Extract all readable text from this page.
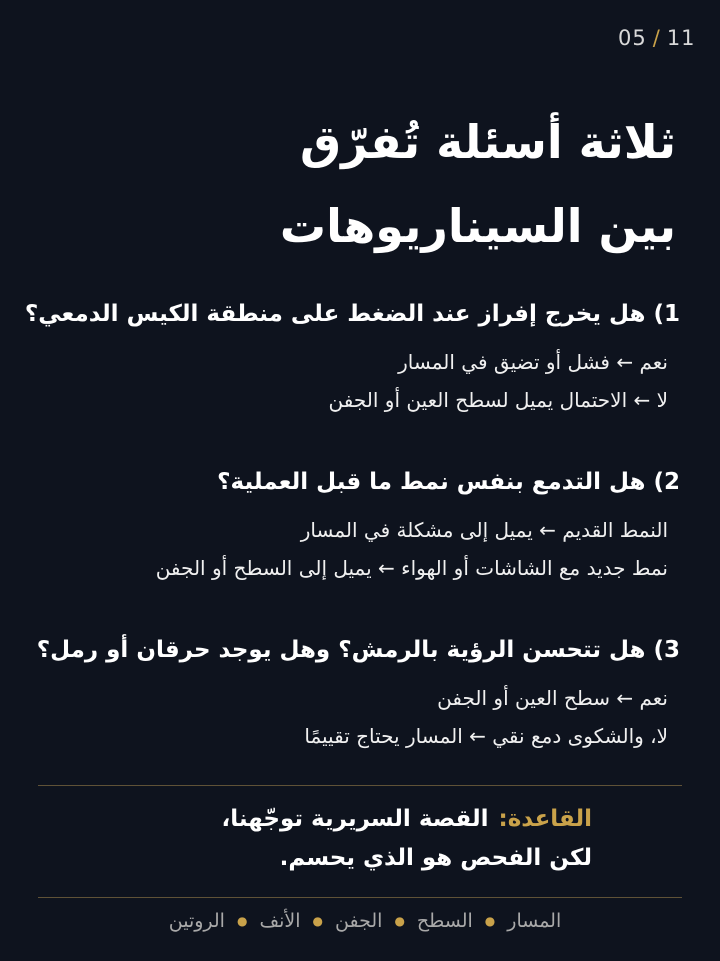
05 / 11
ثلاثة أسئلة تُفرّق
بين السيناريوهات

1) هل يخرج إفراز عند الضغط على منطقة الكيس الدمعي؟

نعم ← فشل أو تضيق في المسار

لا ← الاحتمال يميل لسطح العين أو الجفن

2) هل التدمع بنفس نمط ما قبل العملية؟

النمط القديم ← يميل إلى مشكلة في المسار

نمط جديد مع الشاشات أو الهواء ← يميل إلى السطح أو الجفن

3) هل تتحسن الرؤية بالرمش؟ وهل يوجد حرقان أو رمل؟

نعم ← سطح العين أو الجفن

لا، والشكوى دمع نقي ← المسار يحتاج تقييمًا

القاعدة:القصة السريرية توجّهنا،
لكن الفحص هو الذي يحسم.
المسار
●
السطح
●
الجفن
●
الأنف
●
الروتين
